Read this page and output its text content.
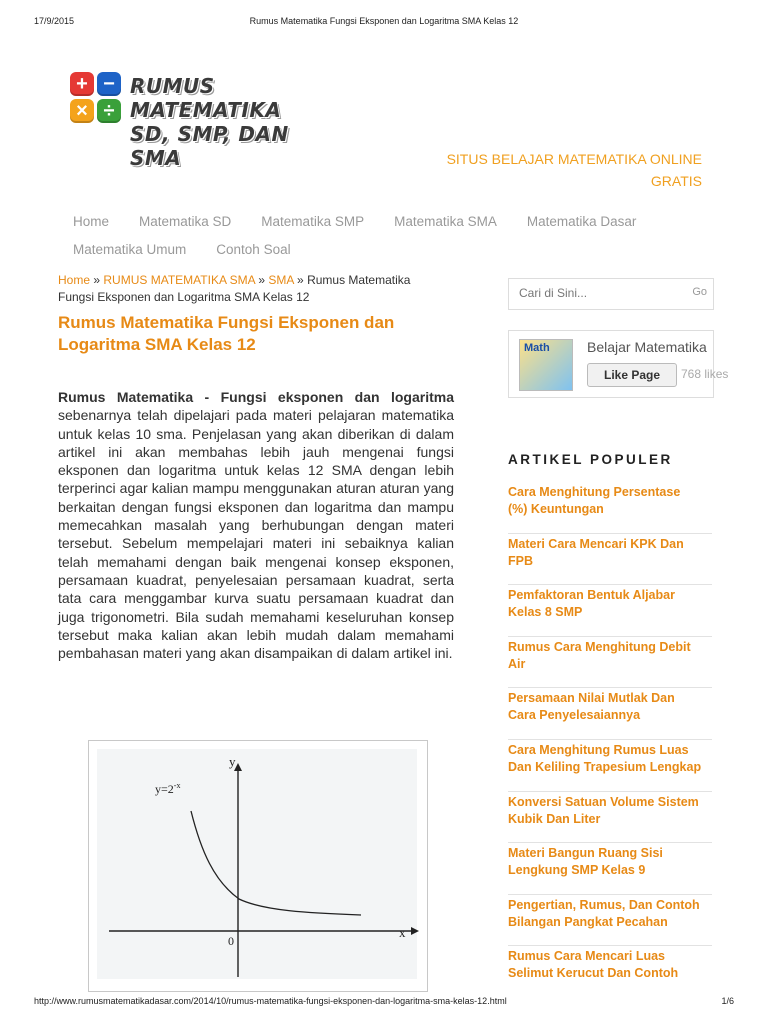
17/9/2015	Rumus Matematika Fungsi Eksponen dan Logaritma SMA Kelas 12
+ −
× ÷
RUMUS MATEMATIKA
SD, SMP, DAN SMA	SITUS BELAJAR MATEMATIKA ONLINE
GRATIS
Home Matematika SD Matematika SMP Matematika SMA Matematika Dasar
Matematika Umum Contoh Soal
Home » RUMUS MATEMATIKA SMA » SMA » Rumus Matematika Fungsi Eksponen dan Logaritma SMA Kelas 12
Rumus Matematika Fungsi Eksponen dan Logaritma SMA Kelas 12
Rumus Matematika - Fungsi eksponen dan logaritma sebenarnya telah dipelajari pada materi pelajaran matematika untuk kelas 10 sma. Penjelasan yang akan diberikan di dalam artikel ini akan membahas lebih jauh mengenai fungsi eksponen dan logaritma untuk kelas 12 SMA dengan lebih terperinci agar kalian mampu menggunakan aturan aturan yang berkaitan dengan fungsi eksponen dan logaritma dan mampu memecahkan masalah yang berhubungan dengan materi tersebut. Sebelum mempelajari materi ini sebaiknya kalian telah memahami dengan baik mengenai konsep eksponen, persamaan kuadrat, penyelesaian persamaan kuadrat, serta tata cara menggambar kurva suatu persamaan kuadrat dan juga trigonometri. Bila sudah memahami keseluruhan konsep tersebut maka kalian akan lebih mudah dalam memahami pembahasan materi yang akan disampaikan di dalam artikel ini.
y
x
0
$y=2^{-x}$
Cari di Sini...
Go
Math	Belajar Matematika
Like Page	768 likes
ARTIKEL POPULER
Cara Menghitung Persentase
(%) Keuntungan
Materi Cara Mencari KPK Dan
FPB
Pemfaktoran Bentuk Aljabar
Kelas 8 SMP
Rumus Cara Menghitung Debit
Air
Persamaan Nilai Mutlak Dan
Cara Penyelesaiannya
Cara Menghitung Rumus Luas
Dan Keliling Trapesium Lengkap
Konversi Satuan Volume Sistem
Kubik Dan Liter
Materi Bangun Ruang Sisi
Lengkung SMP Kelas 9
Pengertian, Rumus, Dan Contoh
Bilangan Pangkat Pecahan
Rumus Cara Mencari Luas
Selimut Kerucut Dan Contoh
http://www.rumusmatematikadasar.com/2014/10/rumus-matematika-fungsi-eksponen-dan-logaritma-sma-kelas-12.html	1/6
